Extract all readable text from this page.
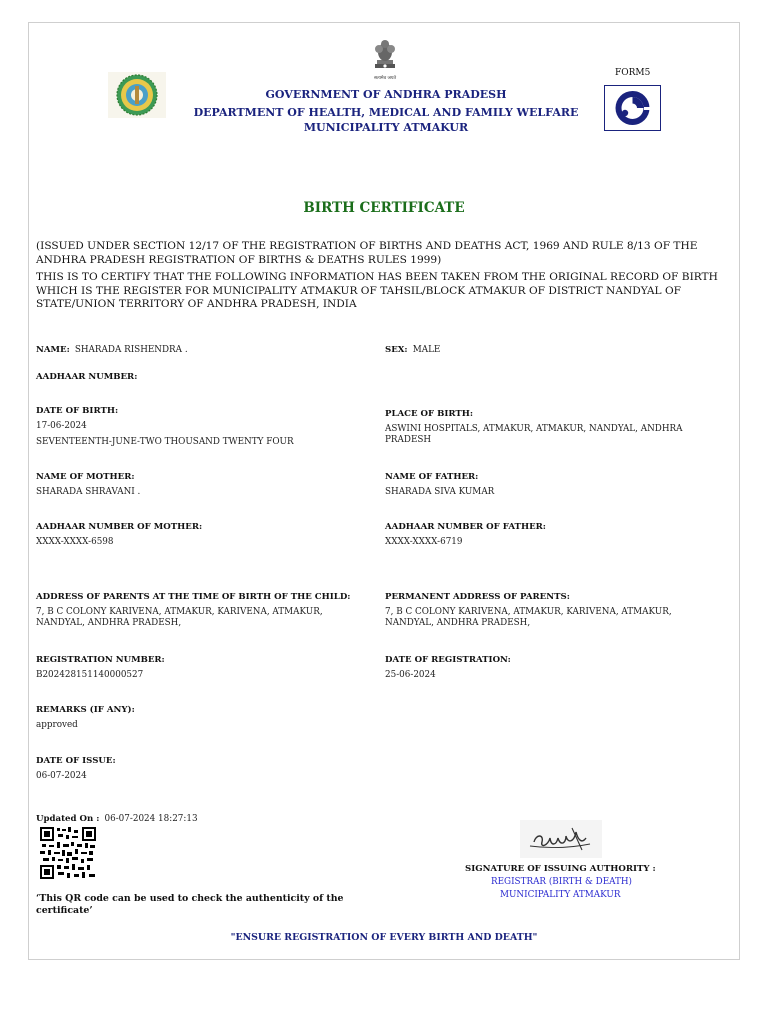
सत्यमेव जयते
FORM5
GOVERNMENT OF ANDHRA PRADESH
DEPARTMENT OF HEALTH, MEDICAL AND FAMILY WELFARE
MUNICIPALITY ATMAKUR
BIRTH CERTIFICATE
(ISSUED UNDER SECTION 12/17 OF THE REGISTRATION OF BIRTHS AND DEATHS ACT, 1969 AND RULE 8/13 OF THE ANDHRA PRADESH REGISTRATION OF BIRTHS & DEATHS RULES 1999)
THIS IS TO CERTIFY THAT THE FOLLOWING INFORMATION HAS BEEN TAKEN FROM THE ORIGINAL RECORD OF BIRTH WHICH IS THE REGISTER FOR MUNICIPALITY ATMAKUR OF TAHSIL/BLOCK ATMAKUR OF DISTRICT NANDYAL OF STATE/UNION TERRITORY OF ANDHRA PRADESH, INDIA
NAME: SHARADA RISHENDRA .	SEX: MALE
AADHAAR NUMBER:
DATE OF BIRTH:
17-06-2024
SEVENTEENTH-JUNE-TWO THOUSAND TWENTY FOUR
PLACE OF BIRTH:
ASWINI HOSPITALS, ATMAKUR, ATMAKUR, NANDYAL, ANDHRA PRADESH
NAME OF MOTHER:
SHARADA SHRAVANI .
NAME OF FATHER:
SHARADA SIVA KUMAR
AADHAAR NUMBER OF MOTHER:
XXXX-XXXX-6598
AADHAAR NUMBER OF FATHER:
XXXX-XXXX-6719
ADDRESS OF PARENTS AT THE TIME OF BIRTH OF THE CHILD:
7, B C COLONY KARIVENA, ATMAKUR, KARIVENA, ATMAKUR, NANDYAL, ANDHRA PRADESH,
PERMANENT ADDRESS OF PARENTS:
7, B C COLONY KARIVENA, ATMAKUR, KARIVENA, ATMAKUR, NANDYAL, ANDHRA PRADESH,
REGISTRATION NUMBER:
B202428151140000527
DATE OF REGISTRATION:
25-06-2024
REMARKS (IF ANY):
approved
DATE OF ISSUE:
06-07-2024
Updated On : 06-07-2024 18:27:13
‘This QR code can be used to check the authenticity of the certificate’
SIGNATURE OF ISSUING AUTHORITY :
REGISTRAR (BIRTH & DEATH)
MUNICIPALITY ATMAKUR
"ENSURE REGISTRATION OF EVERY BIRTH AND DEATH"
